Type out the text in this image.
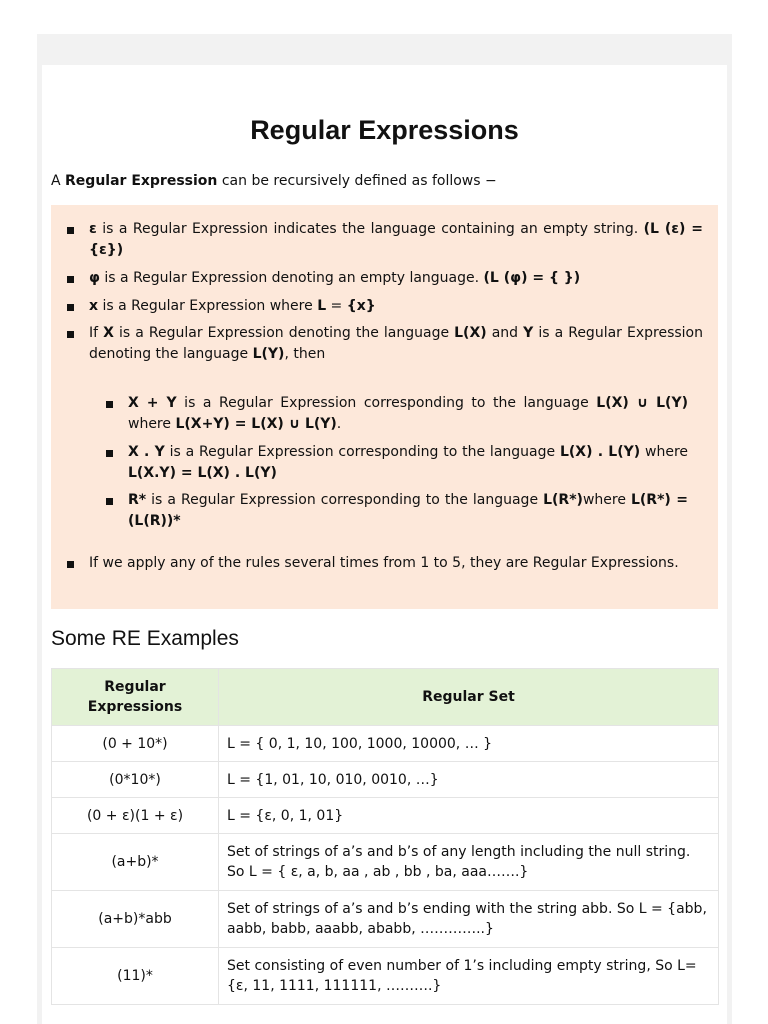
Regular Expressions
A Regular Expression can be recursively defined as follows −
ε is a Regular Expression indicates the language containing an empty string. (L (ε) = {ε})
φ is a Regular Expression denoting an empty language. (L (φ) = { })
x is a Regular Expression where L = {x}
If X is a Regular Expression denoting the language L(X) and Y is a Regular Expression denoting the language L(Y), then
X + Y is a Regular Expression corresponding to the language L(X) ∪ L(Y) where L(X+Y) = L(X) ∪ L(Y).
X . Y is a Regular Expression corresponding to the language L(X) . L(Y) where L(X.Y) = L(X) . L(Y)
R* is a Regular Expression corresponding to the language L(R*)where L(R*) = (L(R))*
If we apply any of the rules several times from 1 to 5, they are Regular Expressions.
Some RE Examples
Regular Expressions	Regular Set
(0 + 10*)	L = { 0, 1, 10, 100, 1000, 10000, … }
(0*10*)	L = {1, 01, 10, 010, 0010, …}
(0 + ε)(1 + ε)	L = {ε, 0, 1, 01}
(a+b)*	Set of strings of a’s and b’s of any length including the null string. So L = { ε, a, b, aa , ab , bb , ba, aaa…….}
(a+b)*abb	Set of strings of a’s and b’s ending with the string abb. So L = {abb, aabb, babb, aaabb, ababb, …………..}
(11)*	Set consisting of even number of 1’s including empty string, So L= {ε, 11, 1111, 111111, ……….}
